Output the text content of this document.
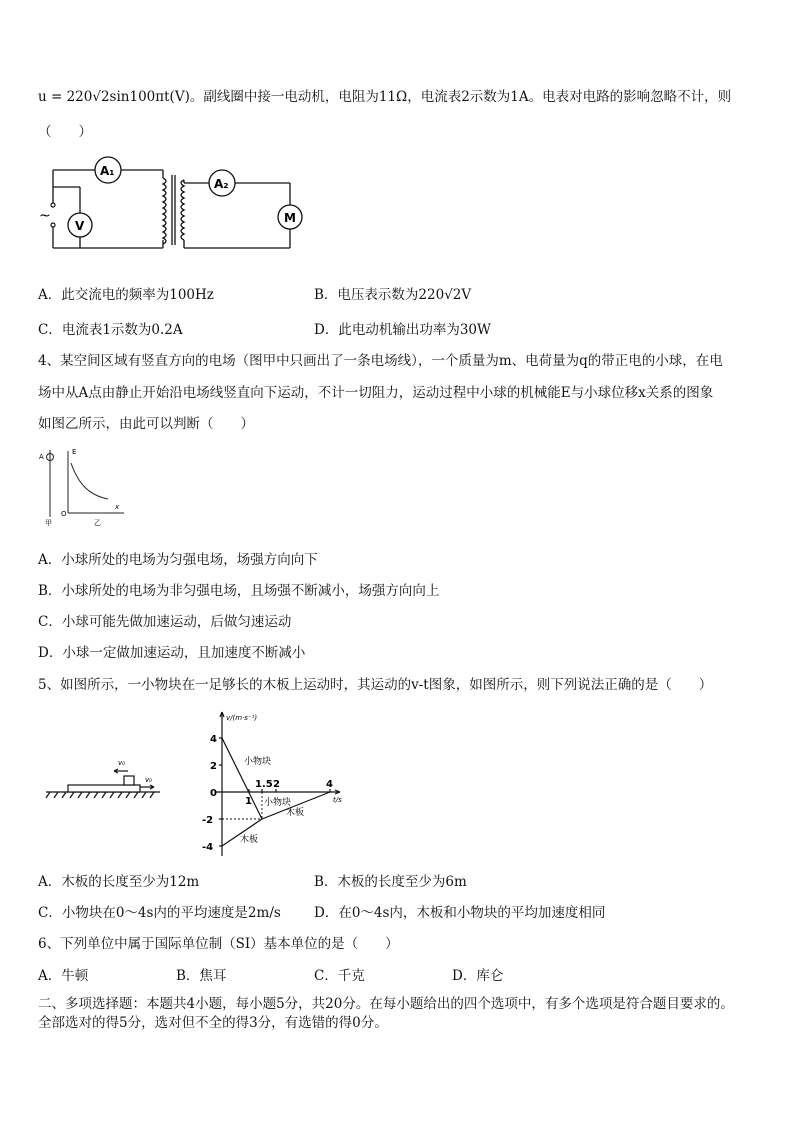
u = 220√2sin100πt(V)。副线圈中接一电动机，电阻为11Ω，电流表2示数为1A。电表对电路的影响忽略不计，则
（　　）
~
A₁
V
A₂
M
A．此交流电的频率为100Hz	B．电压表示数为220√2V
C．电流表1示数为0.2A	D．此电动机输出功率为30W
4、某空间区域有竖直方向的电场（图甲中只画出了一条电场线），一个质量为m、电荷量为q的带正电的小球，在电
场中从A点由静止开始沿电场线竖直向下运动，不计一切阻力，运动过程中小球的机械能E与小球位移x关系的图象
如图乙所示，由此可以判断（　　）
A
E
O
x
甲	乙
A．小球所处的电场为匀强电场，场强方向向下
B．小球所处的电场为非匀强电场，且场强不断减小，场强方向向上
C．小球可能先做加速运动，后做匀速运动
D．小球一定做加速运动，且加速度不断减小
5、如图所示，一小物块在一足够长的木板上运动时，其运动的v-t图象，如图所示，则下列说法正确的是（　　）
v₀
v₀
4
2
0
-2
-4
1
1.5 2	4
v/(m·s⁻¹)
t/s
小物块
小物块
木板
木板
A．木板的长度至少为12m	B．木板的长度至少为6m
C．小物块在0～4s内的平均速度是2m/s D．在0～4s内，木板和小物块的平均加速度相同
6、下列单位中属于国际单位制（SI）基本单位的是（　　）
A．牛顿	B．焦耳	C．千克	D．库仑
二、多项选择题：本题共4小题，每小题5分，共20分。在每小题给出的四个选项中，有多个选项是符合题目要求的。
全部选对的得5分，选对但不全的得3分，有选错的得0分。
